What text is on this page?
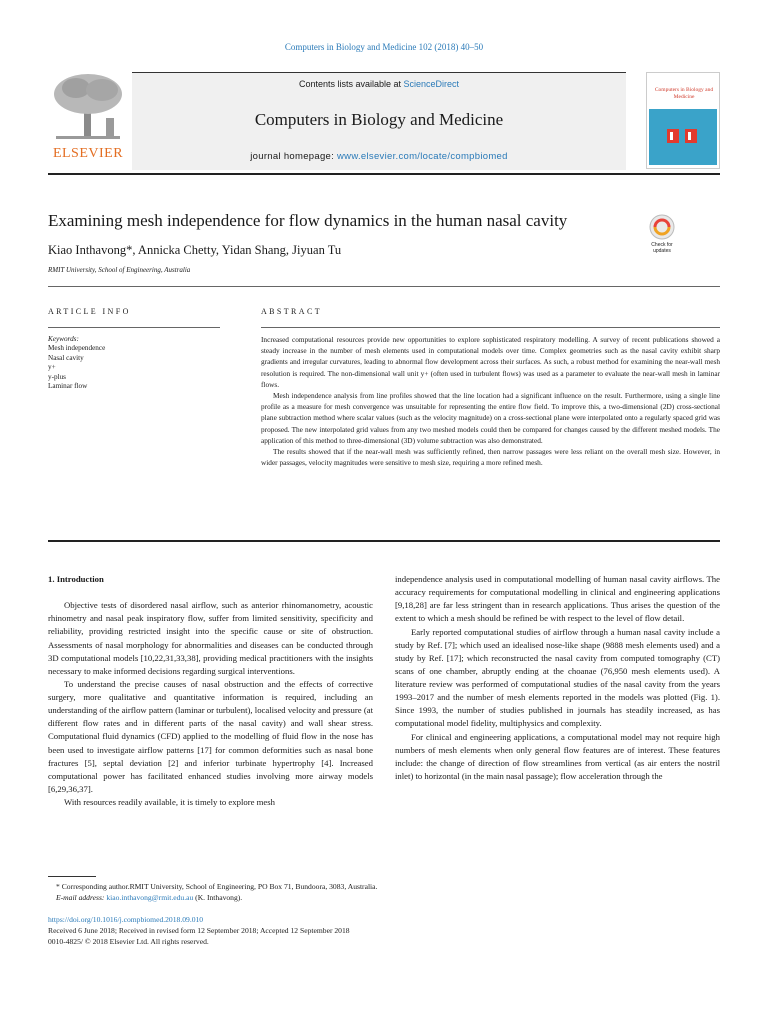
Computers in Biology and Medicine 102 (2018) 40–50
ELSEVIER
Contents lists available at ScienceDirect
Computers in Biology and Medicine
journal homepage: www.elsevier.com/locate/compbiomed
Computers in Biology and Medicine
Examining mesh independence for flow dynamics in the human nasal cavity
Check for updates
Kiao Inthavong*, Annicka Chetty, Yidan Shang, Jiyuan Tu
RMIT University, School of Engineering, Australia
ARTICLE INFO	ABSTRACT
Keywords:
Mesh independence
Nasal cavity
y+
y-plus
Laminar flow

Increased computational resources provide new opportunities to explore sophisticated respiratory modelling. A survey of recent publications showed a steady increase in the number of mesh elements used in computational models over time. Complex geometries such as the nasal cavity exhibit sharp gradients and irregular curvatures, leading to abnormal flow development across their surfaces. As such, a robust method for examining the near-wall mesh resolution is required. The non-dimensional wall unit y+ (often used in turbulent flows) was used as a parameter to evaluate the near-wall mesh in laminar flows.

Mesh independence analysis from line profiles showed that the line location had a significant influence on the result. Furthermore, using a single line profile as a measure for mesh convergence was unsuitable for representing the entire flow field. To improve this, a two-dimensional (2D) cross-sectional plane subtraction method where scalar values (such as the velocity magnitude) on a cross-sectional plane were interpolated onto a regularly spaced grid was proposed. The new interpolated grid values from any two meshed models could then be compared for changes caused by the different meshed models. The application of this method to three-dimensional (3D) volume subtraction was also demonstrated.

The results showed that if the near-wall mesh was sufficiently refined, then narrow passages were less reliant on the overall mesh size. However, in wider passages, velocity magnitudes were sensitive to mesh size, requiring a more refined mesh.

1. Introduction

Objective tests of disordered nasal airflow, such as anterior rhinomanometry, acoustic rhinometry and nasal peak inspiratory flow, suffer from limited sensitivity, specificity and reliability, providing restricted insight into the specific cause or site of obstruction. Assessments of nasal morphology for abnormalities and diseases can be conducted through 3D computational models [10,22,31,33,38], providing medical practitioners with the insights necessary to make informed decisions regarding surgical interventions.

To understand the precise causes of nasal obstruction and the effects of corrective surgery, more qualitative and quantitative information is required, including an understanding of the airflow pattern (laminar or turbulent), localised velocity and pressure (at different flow rates and in different parts of the nasal cavity) and wall shear stress. Computational fluid dynamics (CFD) applied to the modelling of fluid flow in the nose has been used to investigate airflow patterns [17] for common deformities such as nasal bone fractures [5], septal deviation [2] and inferior turbinate hypertrophy [4]. Increased computational power has facilitated enhanced studies involving more airway models [6,29,36,37].

With resources readily available, it is timely to explore mesh

independence analysis used in computational modelling of human nasal cavity airflows. The accuracy requirements for computational modelling in clinical and engineering applications [9,18,28] are far less stringent than in research applications. Thus arises the question of the extent to which a mesh should be refined be with respect to the level of flow detail.

Early reported computational studies of airflow through a human nasal cavity include a study by Ref. [7]; which used an idealised nose-like shape (9888 mesh elements used) and a study by Ref. [17]; which reconstructed the nasal cavity from computed tomography (CT) scans of one chamber, abruptly ending at the choanae (76,950 mesh elements used). A literature review was performed of computational studies of the nasal cavity from the years 1993–2017 and the number of mesh elements reported in the models was plotted (Fig. 1). Since 1993, the number of studies published in journals has steadily increased, as has computational model fidelity, multiphysics and complexity.

For clinical and engineering applications, a computational model may not require high numbers of mesh elements when only general flow features are of interest. These features include: the change of direction of flow streamlines from vertical (as air enters the nostril inlet) to horizontal (in the main nasal passage); flow acceleration through the

* Corresponding author.RMIT University, School of Engineering, PO Box 71, Bundoora, 3083, Australia.
E-mail address: kiao.inthavong@rmit.edu.au (K. Inthavong).
https://doi.org/10.1016/j.compbiomed.2018.09.010
Received 6 June 2018; Received in revised form 12 September 2018; Accepted 12 September 2018
0010-4825/ © 2018 Elsevier Ltd. All rights reserved.
